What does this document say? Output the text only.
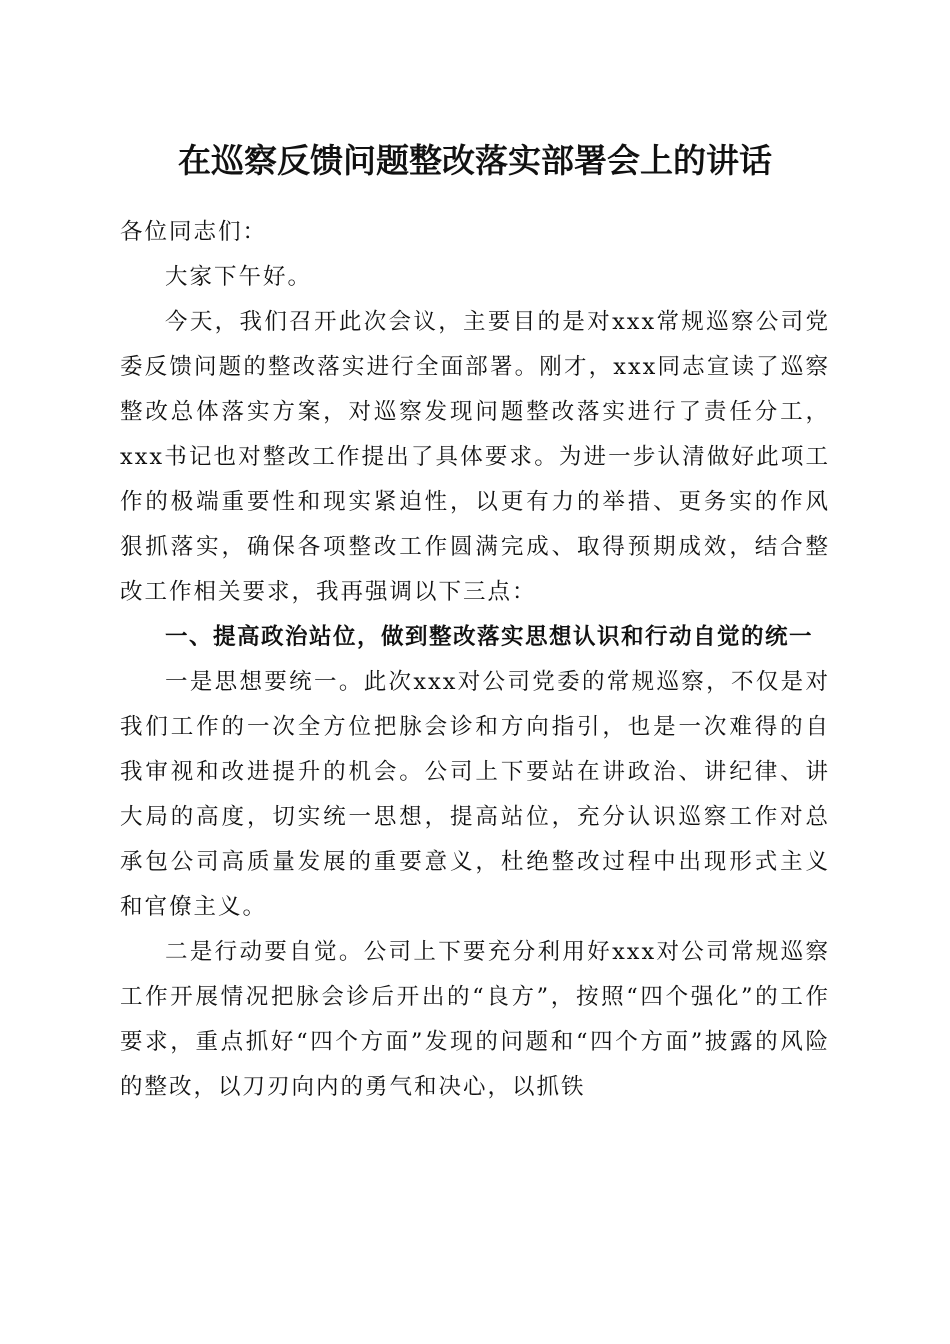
在巡察反馈问题整改落实部署会上的讲话

各位同志们：

大家下午好。

今天，我们召开此次会议，主要目的是对xxx常规巡察公司党委反馈问题的整改落实进行全面部署。刚才，xxx同志宣读了巡察整改总体落实方案，对巡察发现问题整改落实进行了责任分工，xxx书记也对整改工作提出了具体要求。为进一步认清做好此项工作的极端重要性和现实紧迫性，以更有力的举措、更务实的作风狠抓落实，确保各项整改工作圆满完成、取得预期成效，结合整改工作相关要求，我再强调以下三点：

一、提高政治站位，做到整改落实思想认识和行动自觉的统一

一是思想要统一。此次xxx对公司党委的常规巡察，不仅是对我们工作的一次全方位把脉会诊和方向指引，也是一次难得的自我审视和改进提升的机会。公司上下要站在讲政治、讲纪律、讲大局的高度，切实统一思想，提高站位，充分认识巡察工作对总承包公司高质量发展的重要意义，杜绝整改过程中出现形式主义和官僚主义。

二是行动要自觉。公司上下要充分利用好xxx对公司常规巡察工作开展情况把脉会诊后开出的“良方”，按照“四个强化”的工作要求，重点抓好“四个方面”发现的问题和“四个方面”披露的风险的整改，以刀刃向内的勇气和决心，以抓铁
